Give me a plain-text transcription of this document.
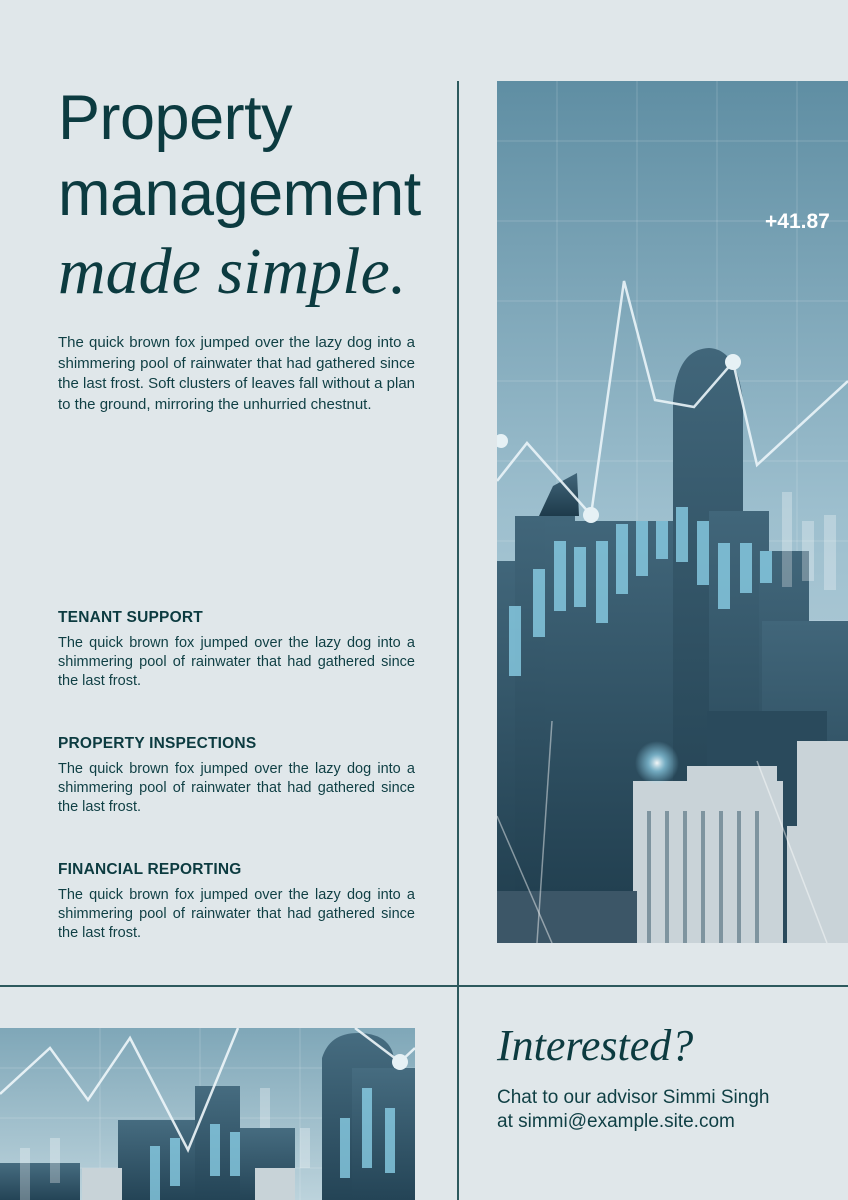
Property
management
made simple.

The quick brown fox jumped over the lazy dog into a shimmering pool of rainwater that had gathered since the last frost. Soft clusters of leaves fall without a plan to the ground, mirroring the unhurried chestnut.

TENANT SUPPORT

The quick brown fox jumped over the lazy dog into a shimmering pool of rainwater that had gathered since the last frost.

PROPERTY INSPECTIONS

The quick brown fox jumped over the lazy dog into a shimmering pool of rainwater that had gathered since the last frost.

FINANCIAL REPORTING

The quick brown fox jumped over the lazy dog into a shimmering pool of rainwater that had gathered since the last frost.

+41.87
Interested?

Chat to our advisor Simmi Singh

at simmi@example.site.com
